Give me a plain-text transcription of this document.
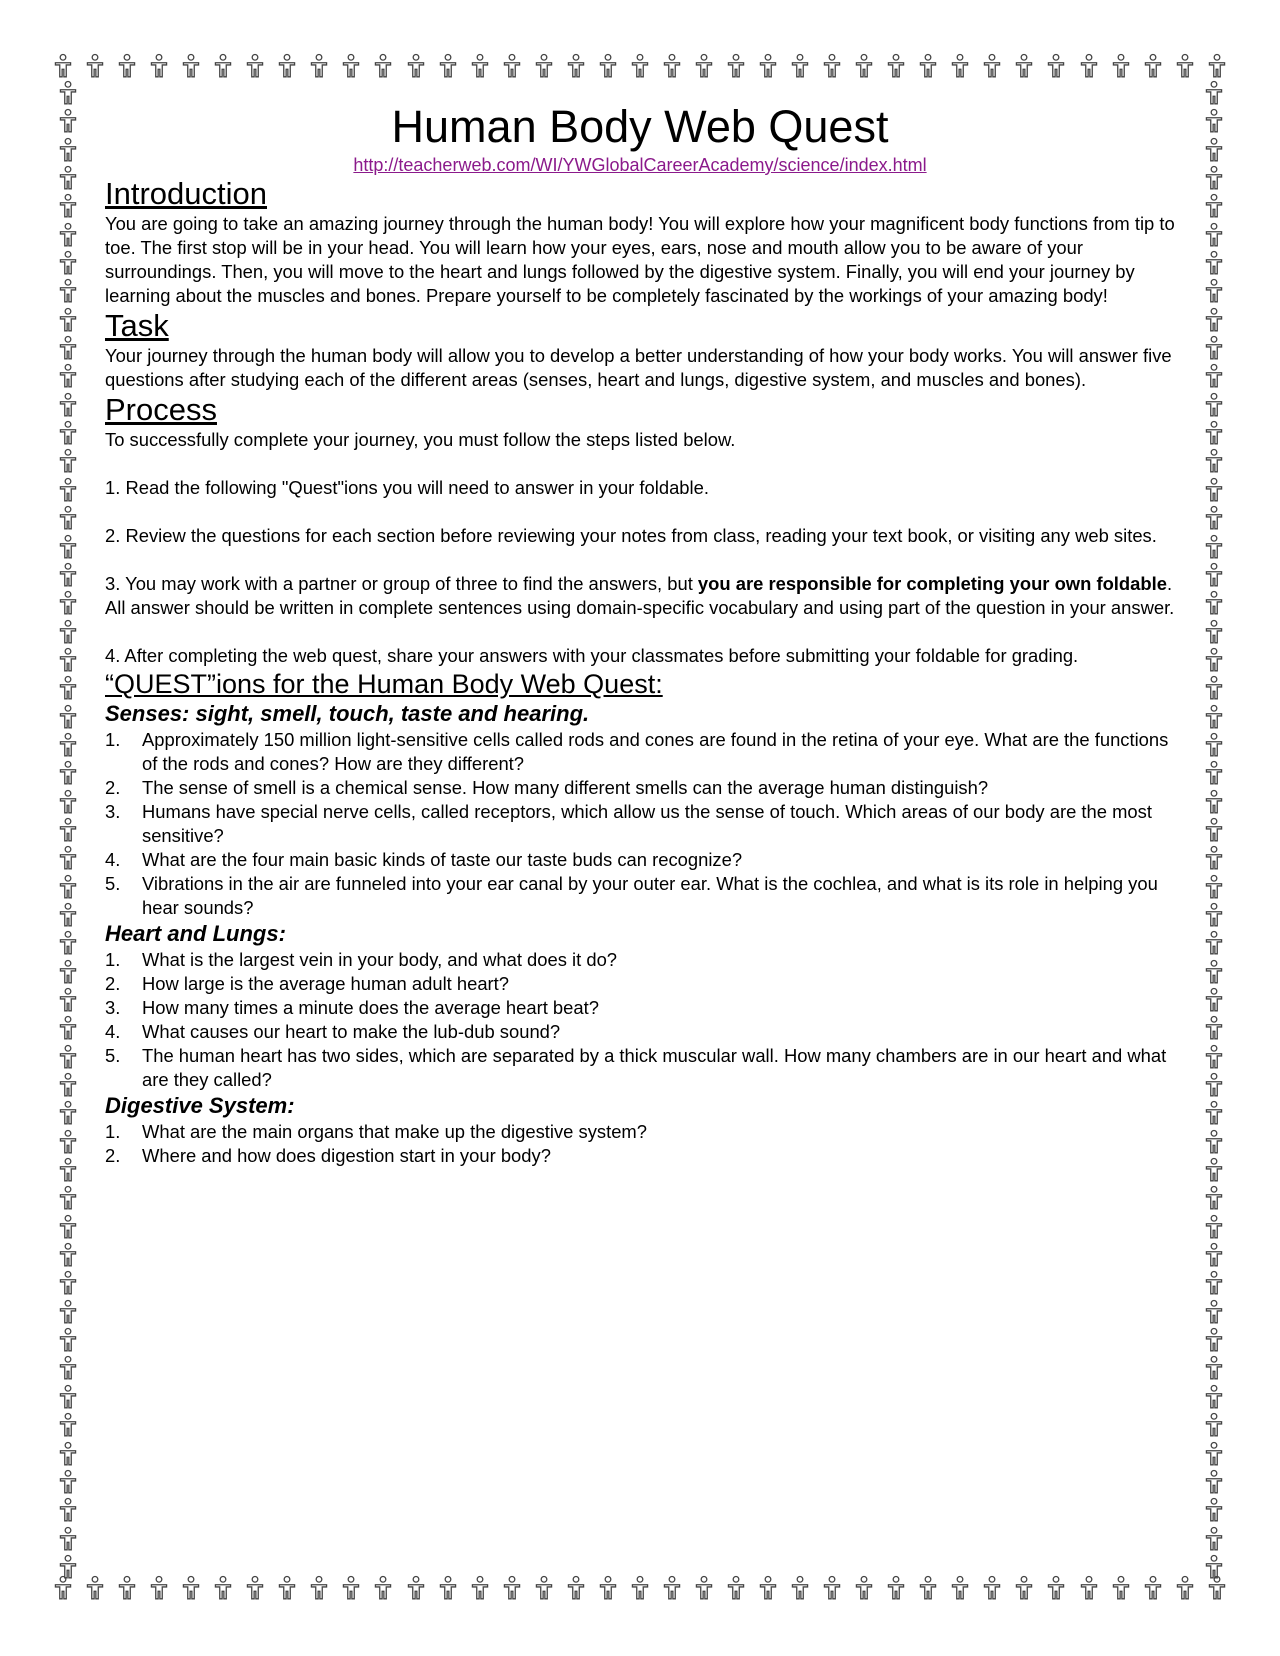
Human Body Web Quest
http://teacherweb.com/WI/YWGlobalCareerAcademy/science/index.html
Introduction

You are going to take an amazing journey through the human body! You will explore how your magnificent body functions from tip to toe. The first stop will be in your head. You will learn how your eyes, ears, nose and mouth allow you to be aware of your surroundings. Then, you will move to the heart and lungs followed by the digestive system. Finally, you will end your journey by learning about the muscles and bones. Prepare yourself to be completely fascinated by the workings of your amazing body!

Task

Your journey through the human body will allow you to develop a better understanding of how your body works. You will answer five questions after studying each of the different areas (senses, heart and lungs, digestive system, and muscles and bones).

Process

To successfully complete your journey, you must follow the steps listed below.

1. Read the following "Quest"ions you will need to answer in your foldable.

2. Review the questions for each section before reviewing your notes from class, reading your text book, or visiting any web sites.

3. You may work with a partner or group of three to find the answers, but you are responsible for completing your own foldable. All answer should be written in complete sentences using domain-specific vocabulary and using part of the question in your answer.

4. After completing the web quest, share your answers with your classmates before submitting your foldable for grading.

“QUEST”ions for the Human Body Web Quest:
Senses: sight, smell, touch, taste and hearing.
1. Approximately 150 million light-sensitive cells called rods and cones are found in the retina of your eye. What are the functions of the rods and cones? How are they different?
2. The sense of smell is a chemical sense. How many different smells can the average human distinguish?
3. Humans have special nerve cells, called receptors, which allow us the sense of touch. Which areas of our body are the most sensitive?
4. What are the four main basic kinds of taste our taste buds can recognize?
5. Vibrations in the air are funneled into your ear canal by your outer ear. What is the cochlea, and what is its role in helping you hear sounds?
Heart and Lungs:
1. What is the largest vein in your body, and what does it do?
2. How large is the average human adult heart?
3. How many times a minute does the average heart beat?
4. What causes our heart to make the lub-dub sound?
5. The human heart has two sides, which are separated by a thick muscular wall. How many chambers are in our heart and what are they called?
Digestive System:
1. What are the main organs that make up the digestive system?
2. Where and how does digestion start in your body?
